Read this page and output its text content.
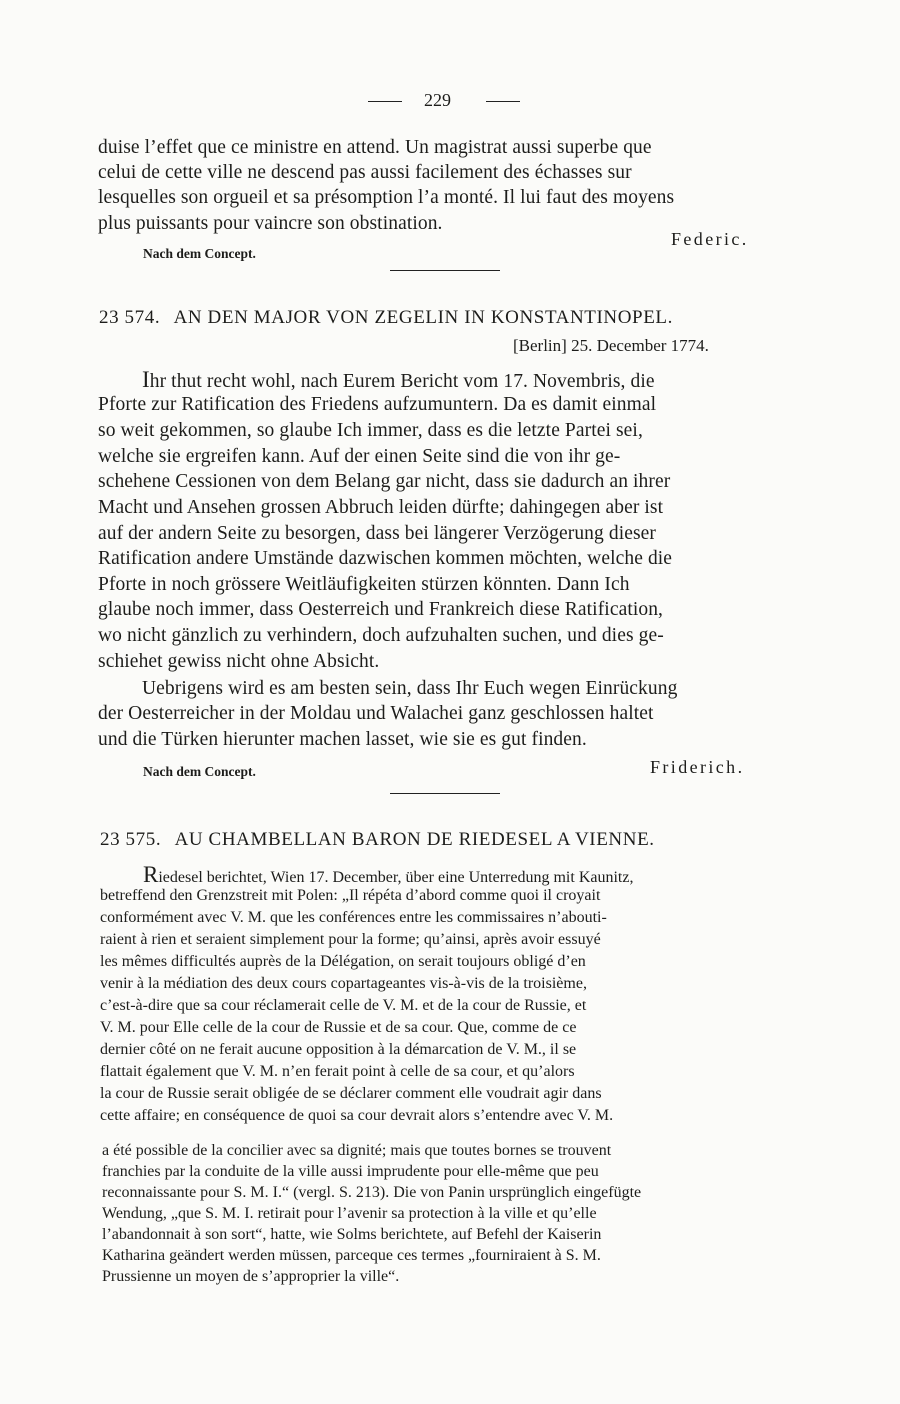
229
duise l’effet que ce ministre en attend. Un magistrat aussi superbe que
celui de cette ville ne descend pas aussi facilement des échasses sur
lesquelles son orgueil et sa présomption l’a monté. Il lui faut des moyens
plus puissants pour vaincre son obstination.
Federic.
Nach dem Concept.
23 574. AN DEN MAJOR VON ZEGELIN IN KONSTANTINOPEL.
[Berlin] 25. December 1774.
Ihr thut recht wohl, nach Eurem Bericht vom 17. Novembris, die
Pforte zur Ratification des Friedens aufzumuntern. Da es damit einmal
so weit gekommen, so glaube Ich immer, dass es die letzte Partei sei,
welche sie ergreifen kann. Auf der einen Seite sind die von ihr ge-
schehene Cessionen von dem Belang gar nicht, dass sie dadurch an ihrer
Macht und Ansehen grossen Abbruch leiden dürfte; dahingegen aber ist
auf der andern Seite zu besorgen, dass bei längerer Verzögerung dieser
Ratification andere Umstände dazwischen kommen möchten, welche die
Pforte in noch grössere Weitläufigkeiten stürzen könnten. Dann Ich
glaube noch immer, dass Oesterreich und Frankreich diese Ratification,
wo nicht gänzlich zu verhindern, doch aufzuhalten suchen, und dies ge-
schiehet gewiss nicht ohne Absicht.
Uebrigens wird es am besten sein, dass Ihr Euch wegen Einrückung
der Oesterreicher in der Moldau und Walachei ganz geschlossen haltet
und die Türken hierunter machen lasset, wie sie es gut finden.
Nach dem Concept.	Friderich.
23 575. AU CHAMBELLAN BARON DE RIEDESEL A VIENNE.
Riedesel berichtet, Wien 17. December, über eine Unterredung mit Kaunitz,
betreffend den Grenzstreit mit Polen: „Il répéta d’abord comme quoi il croyait
conformément avec V. M. que les conférences entre les commissaires n’abouti-
raient à rien et seraient simplement pour la forme; qu’ainsi, après avoir essuyé
les mêmes difficultés auprès de la Délégation, on serait toujours obligé d’en
venir à la médiation des deux cours copartageantes vis-à-vis de la troisième,
c’est-à-dire que sa cour réclamerait celle de V. M. et de la cour de Russie, et
V. M. pour Elle celle de la cour de Russie et de sa cour. Que, comme de ce
dernier côté on ne ferait aucune opposition à la démarcation de V. M., il se
flattait également que V. M. n’en ferait point à celle de sa cour, et qu’alors
la cour de Russie serait obligée de se déclarer comment elle voudrait agir dans
cette affaire; en conséquence de quoi sa cour devrait alors s’entendre avec V. M.
a été possible de la concilier avec sa dignité; mais que toutes bornes se trouvent
franchies par la conduite de la ville aussi imprudente pour elle-même que peu
reconnaissante pour S. M. I.“ (vergl. S. 213). Die von Panin ursprünglich eingefügte
Wendung, „que S. M. I. retirait pour l’avenir sa protection à la ville et qu’elle
l’abandonnait à son sort“, hatte, wie Solms berichtete, auf Befehl der Kaiserin
Katharina geändert werden müssen, parceque ces termes „fourniraient à S. M.
Prussienne un moyen de s’approprier la ville“.
